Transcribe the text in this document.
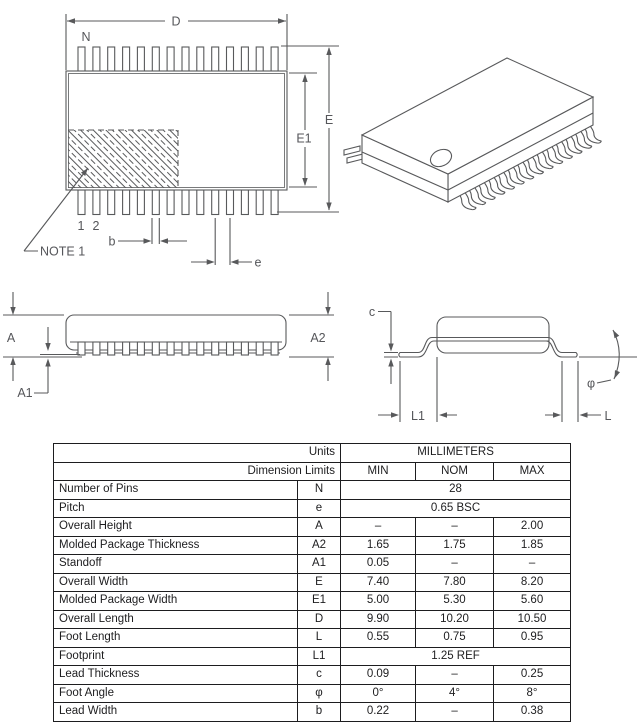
D
N
E1
E
1 2
b
e
NOTE 1
A	A2
A1
c
φ
L1	L
Units		MILLIMETERS		
Dimension Limits		MIN	NOM	MAX
Number of Pins	N	28		
Pitch	e	0.65 BSC		
Overall Height	A	–	–	2.00
Molded Package Thickness	A2	1.65	1.75	1.85
Standoff	A1	0.05	–	–
Overall Width	E	7.40	7.80	8.20
Molded Package Width	E1	5.00	5.30	5.60
Overall Length	D	9.90	10.20	10.50
Foot Length	L	0.55	0.75	0.95
Footprint	L1	1.25 REF		
Lead Thickness	c	0.09	–	0.25
Foot Angle	φ	0°	4°	8°
Lead Width	b	0.22	–	0.38
